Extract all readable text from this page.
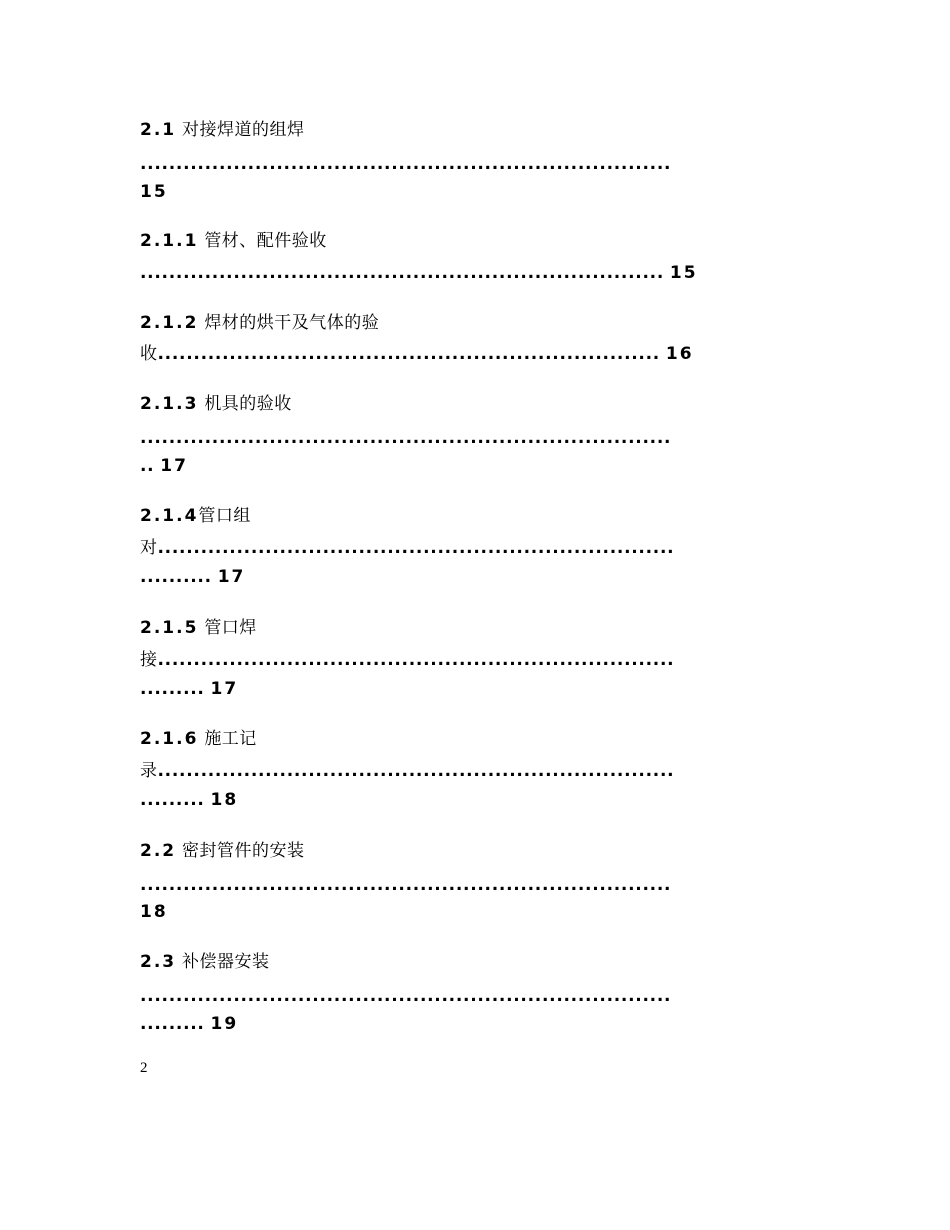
2.1 对接焊道的组焊
..........................................................................
15
2.1.1 管材、配件验收
......................................................................... 15
2.1.2 焊材的烘干及气体的验
收...................................................................... 16
2.1.3 机具的验收
..........................................................................
.. 17
2.1.4管口组
对........................................................................
.......... 17
2.1.5 管口焊
接........................................................................
......... 17
2.1.6 施工记
录........................................................................
......... 18
2.2 密封管件的安装
..........................................................................
18
2.3 补偿器安装
..........................................................................
......... 19
2
